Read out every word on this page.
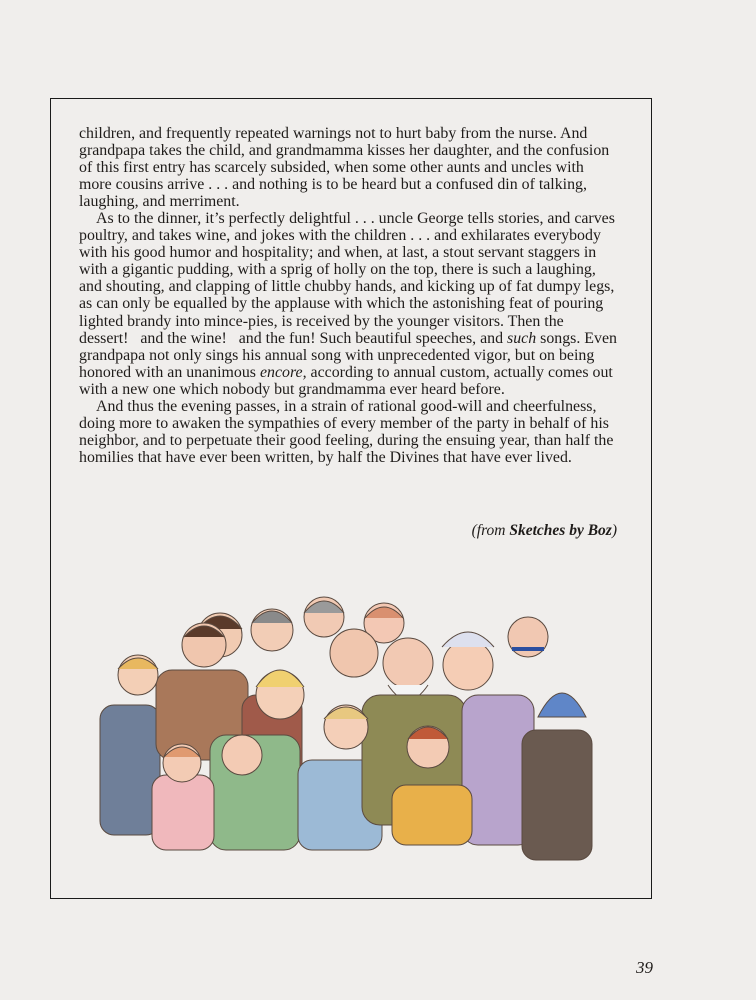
children, and frequently repeated warnings not to hurt baby from the nurse. And grandpapa takes the child, and grandmamma kisses her daughter, and the confusion of this first entry has scarcely subsided, when some other aunts and uncles with more cousins arrive . . . and nothing is to be heard but a confused din of talking, laughing, and merriment.

As to the dinner, it’s perfectly delightful . . . uncle George tells stories, and carves poultry, and takes wine, and jokes with the children . . . and exhilarates everybody with his good humor and hospitality; and when, at last, a stout servant staggers in with a gigantic pudding, with a sprig of holly on the top, there is such a laughing, and shouting, and clapping of little chubby hands, and kicking up of fat dumpy legs, as can only be equalled by the applause with which the astonishing feat of pouring lighted brandy into mince-pies, is received by the younger visitors. Then the dessert!   and the wine!   and the fun! Such beautiful speeches, and such songs. Even grandpapa not only sings his annual song with unprecedented vigor, but on being honored with an unanimous encore, according to annual custom, actually comes out with a new one which nobody but grandmamma ever heard before.

And thus the evening passes, in a strain of rational good-will and cheerfulness, doing more to awaken the sympathies of every member of the party in behalf of his neighbor, and to perpetuate their good feeling, during the ensuing year, than half the homilies that have ever been written, by half the Divines that have ever lived.

(from Sketches by Boz)
39
